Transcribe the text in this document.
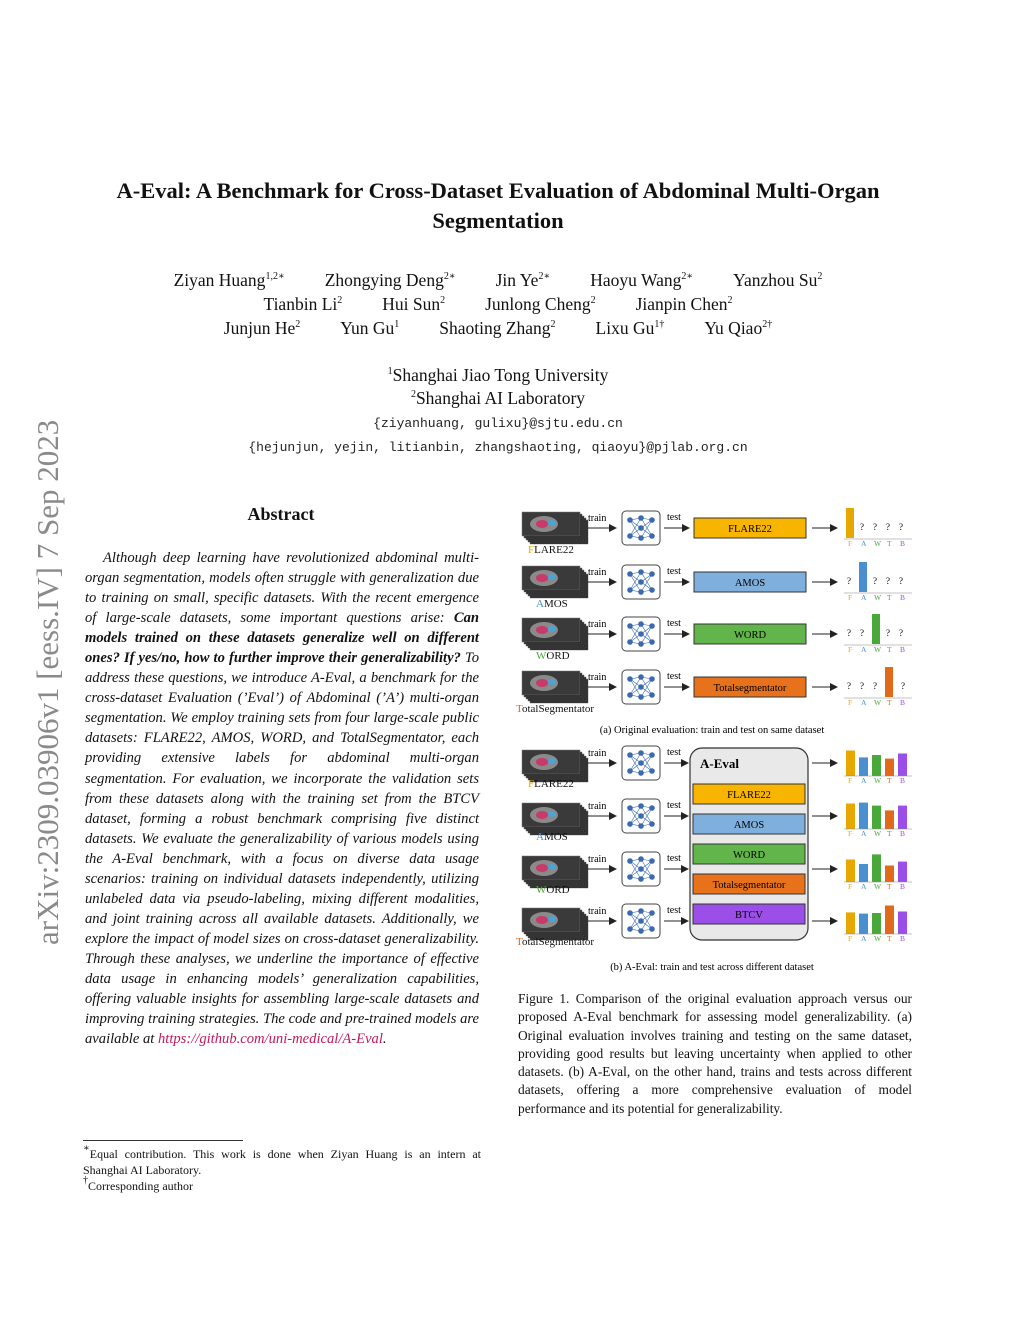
arXiv:2309.03906v1 [eess.IV] 7 Sep 2023
A-Eval: A Benchmark for Cross-Dataset Evaluation of Abdominal Multi-Organ Segmentation
Ziyan Huang$^{1,2∗}$ Zhongying Deng$^{2∗}$ Jin $Ye^{2∗}$ Haoyu Wang$^{2∗}$ Yanzhou Su$^2$
Tianbin Li$^2$ Hui Sun$^2$ Junlong Cheng$^2$ Jianpin Chen$^2$
Junjun He$^2$ Yun Gu$^1$ Shaoting Zhang$^2$ Lixu $Gu^{1\dagger}$ Yu Qiao$^{2\dagger}$
$^1$Shanghai Jiao Tong University
$^2$Shanghai AI Laboratory
{ziyanhuang, gulixu}@sjtu.edu.cn
{hejunjun, yejin, litianbin, zhangshaoting, qiaoyu}@pjlab.org.cn
Abstract
Although deep learning have revolutionized abdominal multi-organ segmentation, models often struggle with generalization due to training on small, specific datasets. With the recent emergence of large-scale datasets, some important questions arise: Can models trained on these datasets generalize well on different ones? If yes/no, how to further improve their generalizability? To address these questions, we introduce A-Eval, a benchmark for the cross-dataset Evaluation (’Eval’) of Abdominal (’A’) multi-organ segmentation. We employ training sets from four large-scale public datasets: FLARE22, AMOS, WORD, and TotalSegmentator, each providing extensive labels for abdominal multi-organ segmentation. For evaluation, we incorporate the validation sets from these datasets along with the training set from the BTCV dataset, forming a robust benchmark comprising five distinct datasets. We evaluate the generalizability of various models using the A-Eval benchmark, with a focus on diverse data usage scenarios: training on individual datasets independently, utilizing unlabeled data via pseudo-labeling, mixing different modalities, and joint training across all available datasets. Additionally, we explore the impact of model sizes on cross-dataset generalizability. Through these analyses, we underline the importance of effective data usage in enhancing models’ generalization capabilities, offering valuable insights for assembling large-scale datasets and improving training strategies. The code and pre-trained models are available at https://github.com/uni-medical/A-Eval.
∗Equal contribution. This work is done when Ziyan Huang is an intern at Shanghai AI Laboratory.
†Corresponding author
FLARE22
train	test
FLARE22	? ? ? ?
F A W T B
AMOS
train	test
AMOS	? ? ? ?
F A W T B
WORD
train	test
WORD	? ? ? ?
F A W T B
TotalSegmentator
train	test
Totalsegmentator	? ? ?	?
F A W T B
(a) Original evaluation: train and test on same dataset
A-Eval
FLARE22
AMOS
WORD
Totalsegmentator
BTCV
FLARE22
train	test
F A W T B
AMOS
train	test
F A W T B
WORD
train	test
F A W T B
TotalSegmentator
train	test
F A W T B
(b) A-Eval: train and test across different dataset
Figure 1. Comparison of the original evaluation approach versus our proposed A-Eval benchmark for assessing model generalizability. (a) Original evaluation involves training and testing on the same dataset, providing good results but leaving uncertainty when applied to other datasets. (b) A-Eval, on the other hand, trains and tests across different datasets, offering a more comprehensive evaluation of model performance and its potential for generalizability.
